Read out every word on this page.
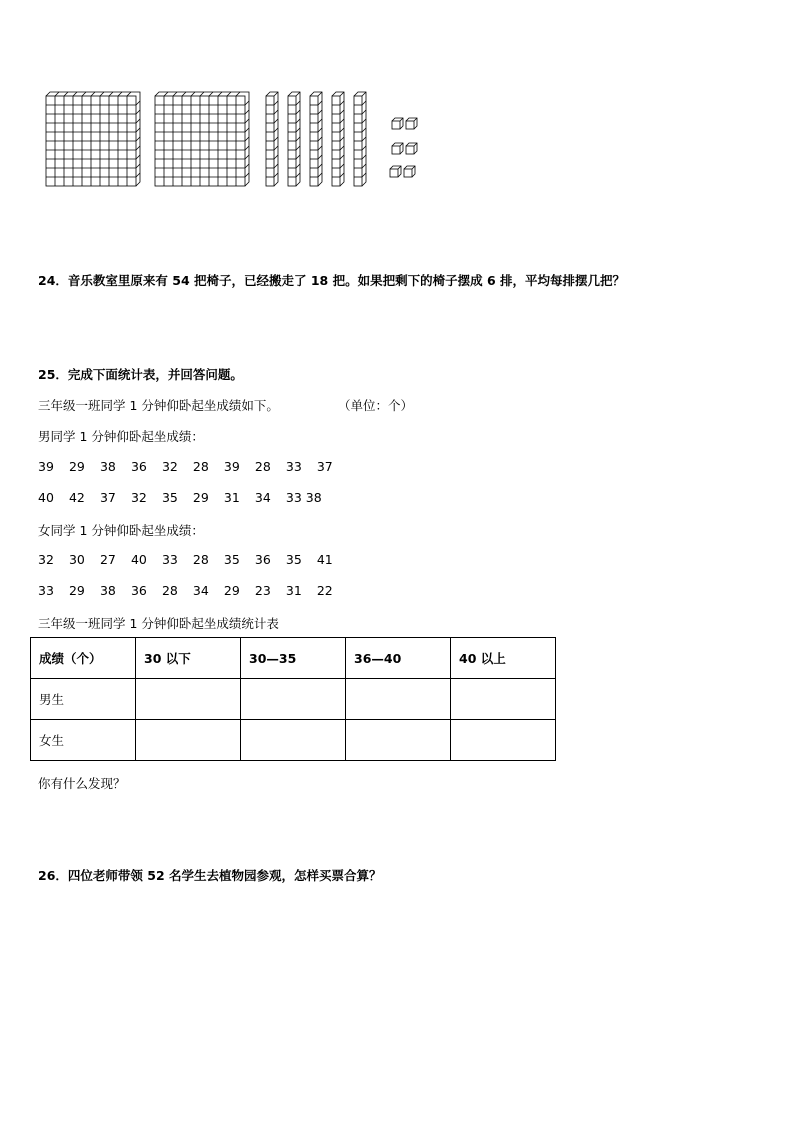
24．音乐教室里原来有 54 把椅子，已经搬走了 18 把。如果把剩下的椅子摆成 6 排，平均每排摆几把？
25．完成下面统计表，并回答问题。
三年级一班同学 1 分钟仰卧起坐成绩如下。	（单位：个）
男同学 1 分钟仰卧起坐成绩：
39 29 38 36 32 28 39 28 33 37
40 42 37 32 35 29 31 34 33 38
女同学 1 分钟仰卧起坐成绩：
32 30 27 40 33 28 35 36 35 41
33 29 38 36 28 34 29 23 31 22
三年级一班同学 1 分钟仰卧起坐成绩统计表
成绩（个）	30 以下	30—35	36—40	40 以上
男生				
女生				
你有什么发现？
26．四位老师带领 52 名学生去植物园参观，怎样买票合算？
